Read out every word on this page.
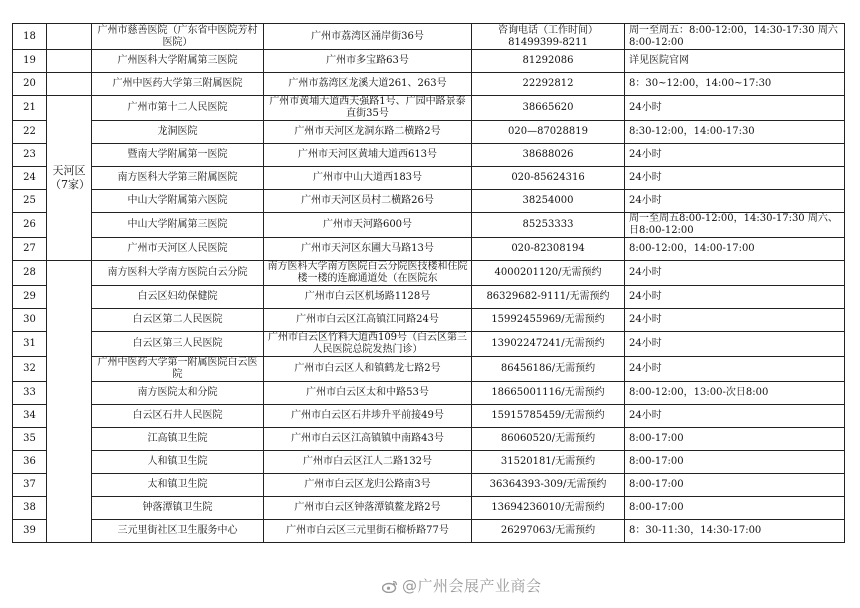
18		广州市慈善医院（广东省中医院芳村医院）	广州市荔湾区涌岸街36号	咨询电话（工作时间）81499399-8211	周一至周五：8:00-12:00，14:30-17:30 周六8:00-12:00
19		广州医科大学附属第三医院	广州市多宝路63号	81292086	详见医院官网
20		广州中医药大学第三附属医院	广州市荔湾区龙溪大道261、263号	22292812	8：30~12:00，14:00~17:30
21	天河区（7家）	广州市第十二人民医院	广州市黄埔大道西天强路1号、广园中路景泰直街35号	38665620	24小时
22		龙洞医院	广州市天河区龙洞东路二横路2号	020—87028819	8:30-12:00，14:00-17:30
23		暨南大学附属第一医院	广州市天河区黄埔大道西613号	38688026	24小时
24		南方医科大学第三附属医院	广州市中山大道西183号	020-85624316	24小时
25		中山大学附属第六医院	广州市天河区员村二横路26号	38254000	24小时
26		中山大学附属第三医院	广州市天河路600号	85253333	周一至周五8:00-12:00，14:30-17:30 周六、日8:00-12:00
27		广州市天河区人民医院	广州市天河区东圃大马路13号	020-82308194	8:00-12:00，14:00-17:00
28		南方医科大学南方医院白云分院	南方医科大学南方医院白云分院医技楼和住院楼一楼的连廊通道处（在医院东	4000201120/无需预约	24小时
29		白云区妇幼保健院	广州市白云区机场路1128号	86329682-9111/无需预约	24小时
30		白云区第二人民医院	广州市白云区江高镇江同路24号	15992455969/无需预约	24小时
31		白云区第三人民医院	广州市白云区竹料大道西109号（白云区第三人民医院总院发热门诊）	13902247241/无需预约	24小时
32		广州中医药大学第一附属医院白云医院	广州市白云区人和镇鹤龙七路2号	86456186/无需预约	24小时
33		南方医院太和分院	广州市白云区太和中路53号	18665001116/无需预约	8:00-12:00，13:00-次日8:00
34		白云区石井人民医院	广州市白云区石井埗升平前接49号	15915785459/无需预约	24小时
35		江高镇卫生院	广州市白云区江高镇镇中南路43号	86060520/无需预约	8:00-17:00
36		人和镇卫生院	广州市白云区江人二路132号	31520181/无需预约	8:00-17:00
37		太和镇卫生院	广州市白云区龙归公路南3号	36364393-309/无需预约	8:00-17:00
38		钟落潭镇卫生院	广州市白云区钟落潭镇鳌龙路2号	13694236010/无需预约	8:00-17:00
39		三元里街社区卫生服务中心	广州市白云区三元里街石榴桥路77号	26297063/无需预约	8：30-11:30，14:30-17:00
@广州会展产业商会
